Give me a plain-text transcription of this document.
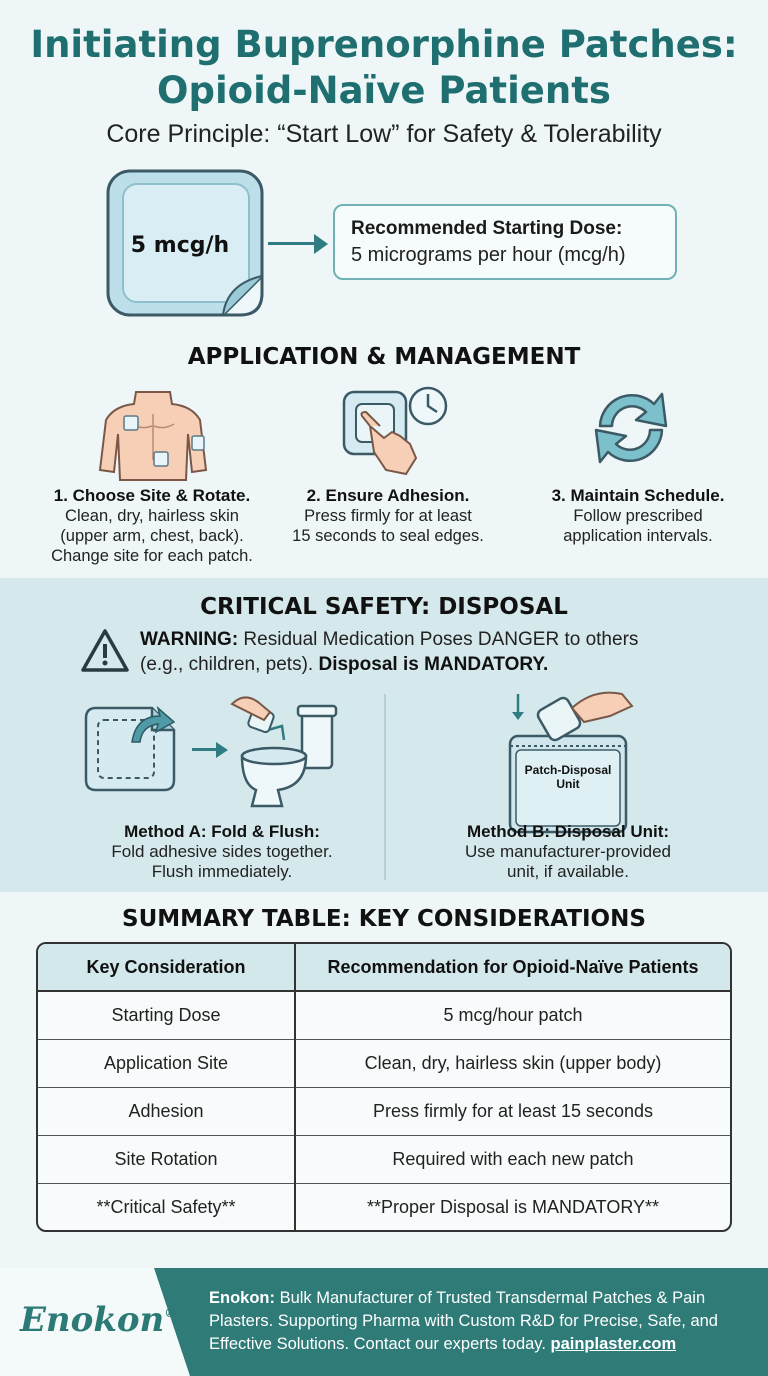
Initiating Buprenorphine Patches:
Opioid-Naïve Patients
Core Principle: “Start Low” for Safety & Tolerability
5 mcg/h
Recommended Starting Dose:
5 micrograms per hour (mcg/h)
APPLICATION & MANAGEMENT
1. Choose Site & Rotate.
Clean, dry, hairless skin
(upper arm, chest, back).
Change site for each patch.
2. Ensure Adhesion.
Press firmly for at least
15 seconds to seal edges.
3. Maintain Schedule.
Follow prescribed
application intervals.
CRITICAL SAFETY: DISPOSAL
WARNING: Residual Medication Poses DANGER to others
(e.g., children, pets). Disposal is MANDATORY.
Patch-Disposal
Unit
Method A: Fold & Flush:
Fold adhesive sides together.
Flush immediately.
Method B: Disposal Unit:
Use manufacturer-provided
unit, if available.
SUMMARY TABLE: KEY CONSIDERATIONS
Key Consideration	Recommendation for Opioid-Naïve Patients
Starting Dose	5 mcg/hour patch
Application Site	Clean, dry, hairless skin (upper body)
Adhesion	Press firmly for at least 15 seconds
Site Rotation	Required with each new patch
**Critical Safety**	**Proper Disposal is MANDATORY**
Enokon®
Enokon: Bulk Manufacturer of Trusted Transdermal Patches & Pain Plasters. Supporting Pharma with Custom R&D for Precise, Safe, and Effective Solutions. Contact our experts today. painplaster.com
